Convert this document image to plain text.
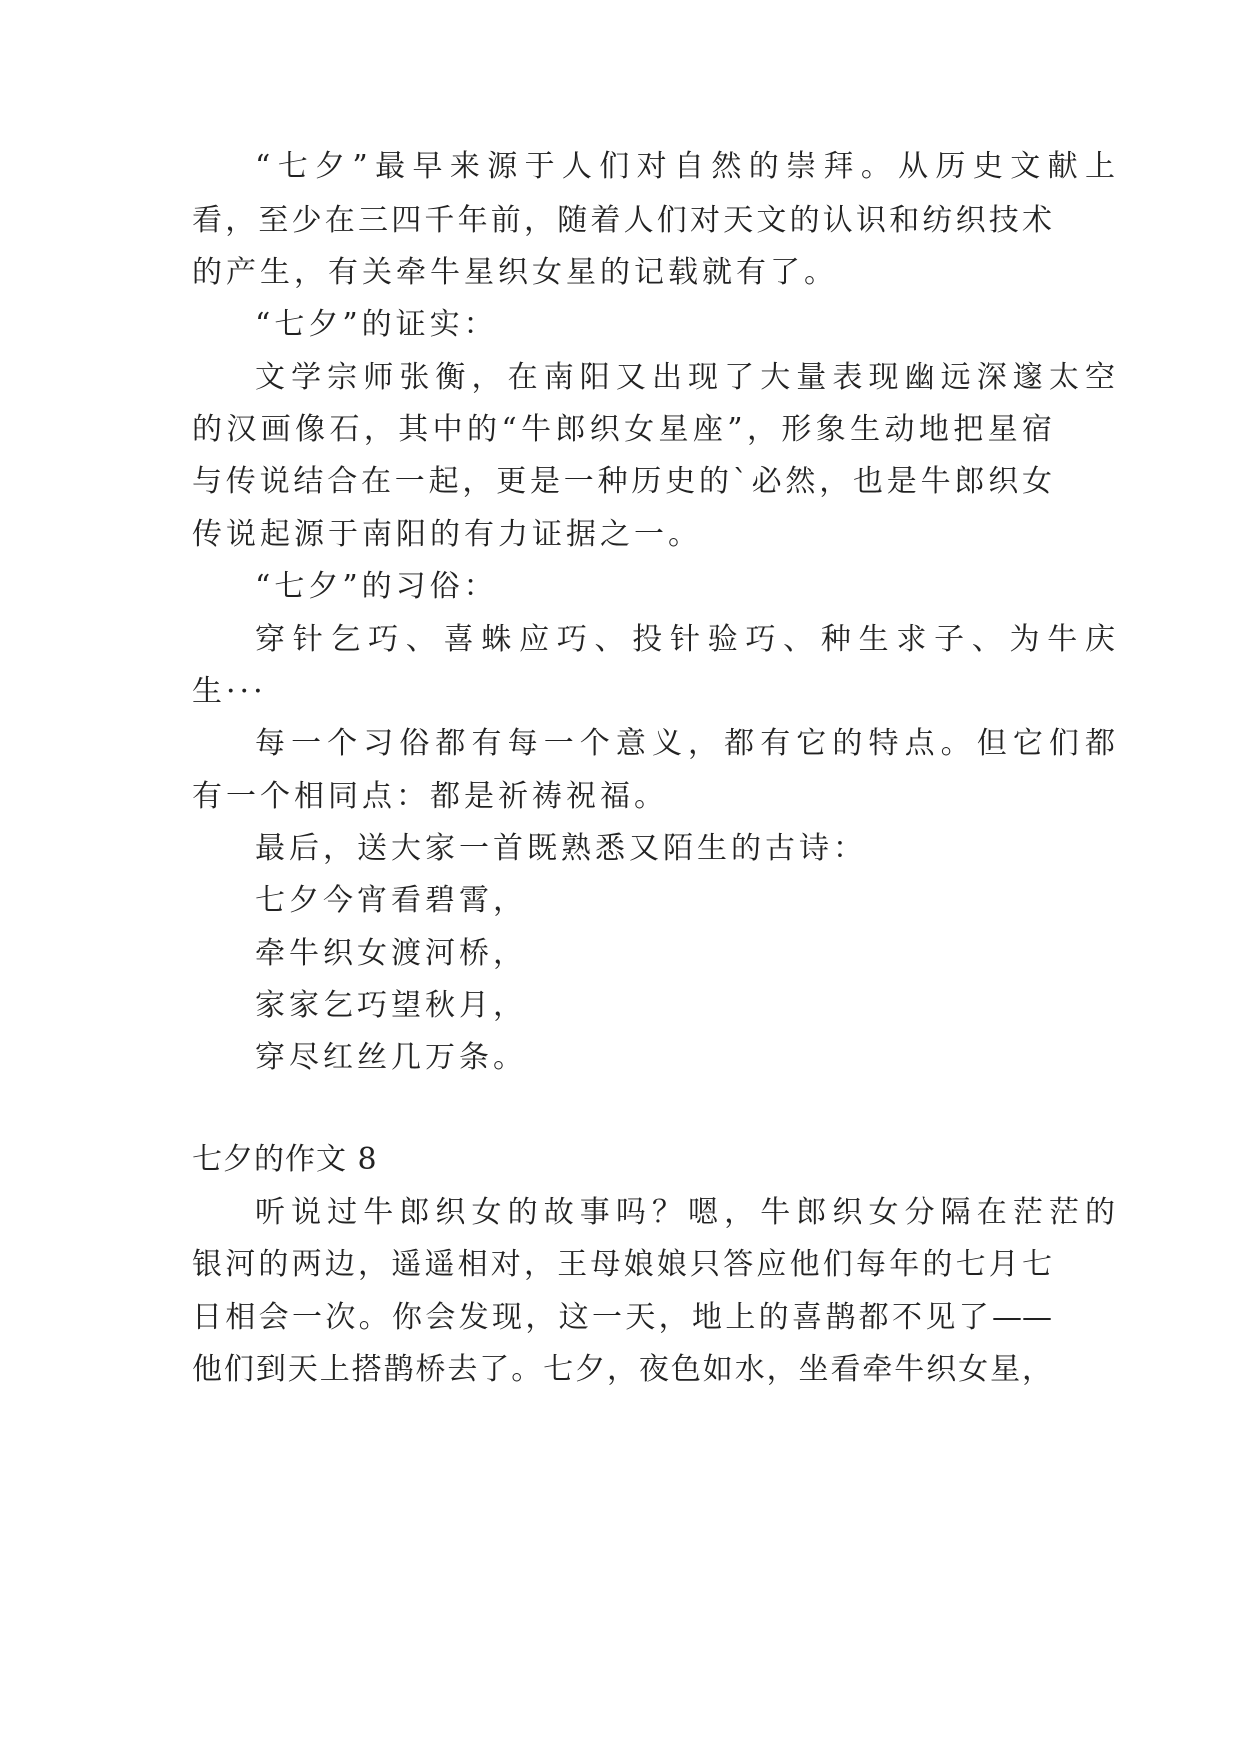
“七夕”最早来源于人们对自然的崇拜。从历史文献上
看，至少在三四千年前，随着人们对天文的认识和纺织技术
的产生，有关牵牛星织女星的记载就有了。
“七夕”的证实：
文学宗师张衡，在南阳又出现了大量表现幽远深邃太空
的汉画像石，其中的“牛郎织女星座”，形象生动地把星宿
与传说结合在一起，更是一种历史的`必然，也是牛郎织女
传说起源于南阳的有力证据之一。
“七夕”的习俗：
穿针乞巧、喜蛛应巧、投针验巧、种生求子、为牛庆
生···
每一个习俗都有每一个意义，都有它的特点。但它们都
有一个相同点：都是祈祷祝福。
最后，送大家一首既熟悉又陌生的古诗：
七夕今宵看碧霄，
牵牛织女渡河桥，
家家乞巧望秋月，
穿尽红丝几万条。
七夕的作文 8
听说过牛郎织女的故事吗？嗯，牛郎织女分隔在茫茫的
银河的两边，遥遥相对，王母娘娘只答应他们每年的七月七
日相会一次。你会发现，这一天，地上的喜鹊都不见了——
他们到天上搭鹊桥去了。七夕，夜色如水，坐看牵牛织女星，
